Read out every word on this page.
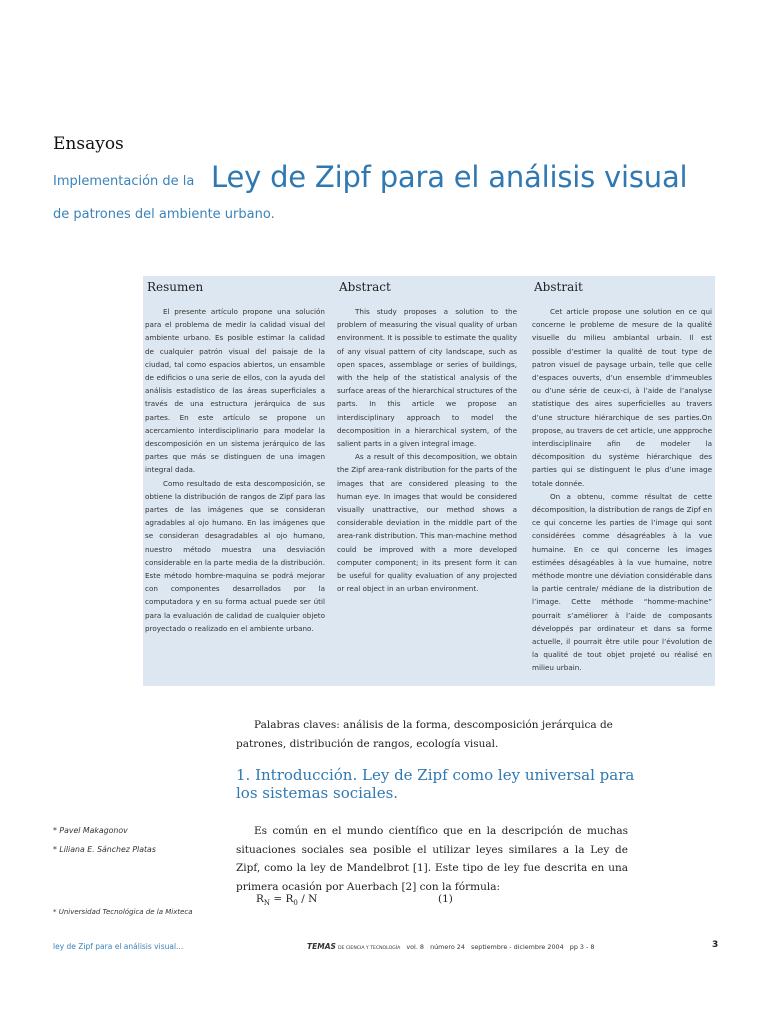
Ensayos
Implementación de la Ley de Zipf para el análisis visual
de patrones del ambiente urbano.
Resumen
El presente artículo propone una solución para el problema de medir la calidad visual del ambiente urbano. Es posible estimar la calidad de cualquier patrón visual del paisaje de la ciudad, tal como espacios abiertos, un ensamble de edificios o una serie de ellos, con la ayuda del análisis estadístico de las áreas superficiales a través de una estructura jerárquica de sus partes. En este artículo se propone un acercamiento interdisciplinario para modelar la descomposición en un sistema jerárquico de las partes que más se distinguen de una imagen integral dada.
Como resultado de esta descomposición, se obtiene la distribución de rangos de Zipf para las partes de las imágenes que se consideran agradables al ojo humano. En las imágenes que se consideran desagradables al ojo humano, nuestro método muestra una desviación considerable en la parte media de la distribución. Este método hombre-maquina se podrá mejorar con componentes desarrollados por la computadora y en su forma actual puede ser útil para la evaluación de calidad de cualquier objeto proyectado o realizado en el ambiente urbano.
Abstract
This study proposes a solution to the problem of measuring the visual quality of urban environment. It is possible to estimate the quality of any visual pattern of city landscape, such as open spaces, assemblage or series of buildings, with the help of the statistical analysis of the surface areas of the hierarchical structures of the parts. In this article we propose an interdisciplinary approach to model the decomposition in a hierarchical system, of the salient parts in a given integral image.
As a result of this decomposition, we obtain the Zipf area-rank distribution for the parts of the images that are considered pleasing to the human eye. In images that would be considered visually unattractive, our method shows a considerable deviation in the middle part of the area-rank distribution. This man-machine method could be improved with a more developed computer component; in its present form it can be useful for quality evaluation of any projected or real object in an urban environment.
Abstrait
Cet article propose une solution en ce qui concerne le probleme de mesure de la qualité visuelle du milieu ambiantal urbain. Il est possible d’estimer la qualité de tout type de patron visuel de paysage urbain, telle que celle d’espaces ouverts, d’un ensemble d’immeubles ou d’une série de ceux-ci, à l’aide de l’analyse statistique des aires superficielles au travers d’une structure hiérarchique de ses parties.On propose, au travers de cet article, une appproche interdisciplinaire afin de modeler la décomposition du système hiérarchique des parties qui se distinguent le plus d’une image totale donnée.
On a obtenu, comme résultat de cette décomposition, la distribution de rangs de Zipf en ce qui concerne les parties de l’image qui sont considérées comme désagréables à la vue humaine. En ce qui concerne les images estimées désagéables à la vue humaine, notre méthode montre une déviation considérable dans la partie centrale/ médiane de la distribution de l’image. Cette méthode “homme-machine” pourrait s’améliorer à l’aide de composants développés par ordinateur et dans sa forme actuelle, il pourrait être utile pour l’évolution de la qualité de tout objet projeté ou réalisé en milieu urbain.
Palabras claves: análisis de la forma, descomposición jerárquica de patrones, distribución de rangos, ecología visual.
1. Introducción. Ley de Zipf como ley universal para los sistemas sociales.
* Pavel Makagonov
* Liliana E. Sánchez Platas
* Universidad Tecnológica de la Mixteca
Es común en el mundo científico que en la descripción de muchas situaciones sociales sea posible el utilizar leyes similares a la Ley de Zipf, como la ley de Mandelbrot [1]. Este tipo de ley fue descrita en una primera ocasión por Auerbach [2] con la fórmula:
$R_N = R_0 / N$	(1)
ley de Zipf para el análisis visual...	TEMAS DE CIENCIA Y TECNOLOGÍA vol. 8 número 24 septiembre - diciembre 2004 pp 3 - 8	3
